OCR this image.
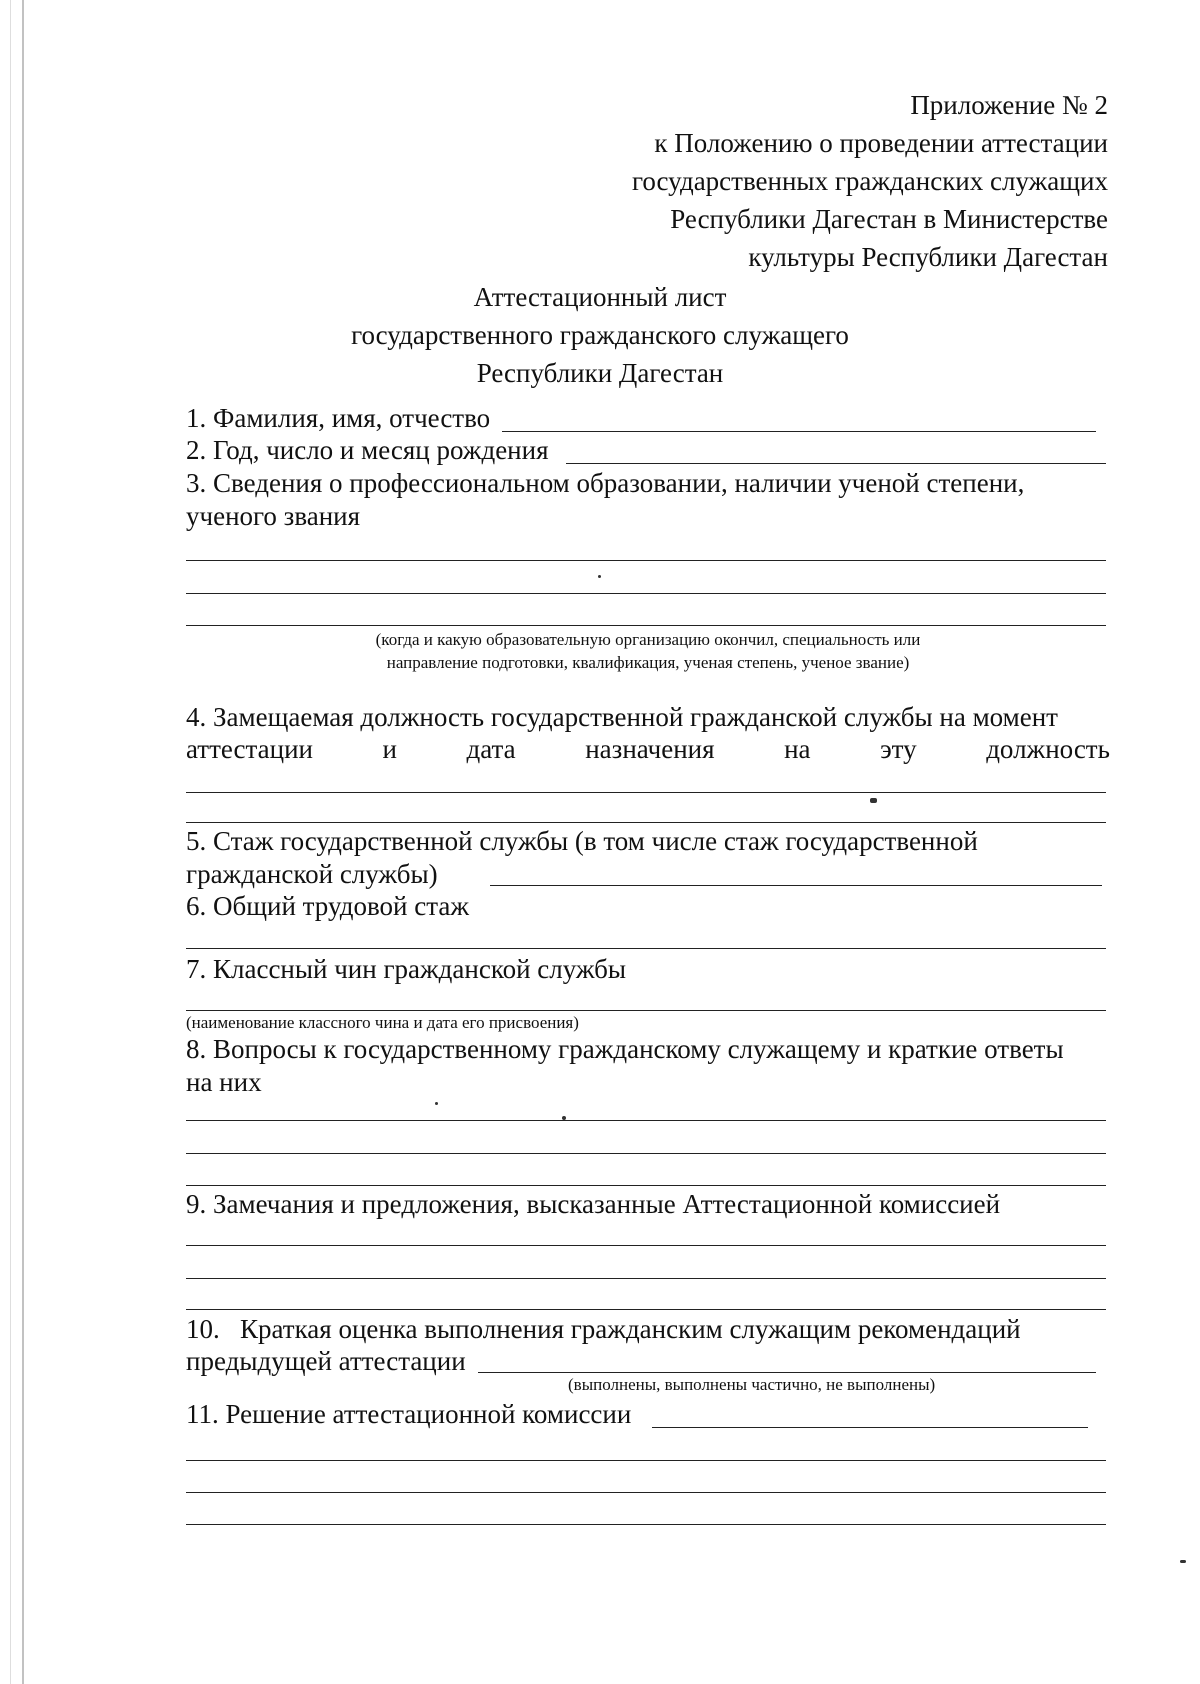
Приложение № 2
к Положению о проведении аттестации
государственных гражданских служащих
Республики Дагестан в Министерстве
культуры Республики Дагестан
Аттестационный лист
государственного гражданского служащего
Республики Дагестан
1. Фамилия, имя, отчество
2. Год, число и месяц рождения
3. Сведения о профессиональном образовании, наличии ученой степени,
ученого звания
(когда и какую образовательную организацию окончил, специальность или
направление подготовки, квалификация, ученая степень, ученое звание)
4. Замещаемая должность государственной гражданской службы на момент
аттестации	и	дата	назначения	на	эту	должность
5. Стаж государственной службы (в том числе стаж государственной
гражданской службы)
6. Общий трудовой стаж
7. Классный чин гражданской службы
(наименование классного чина и дата его присвоения)
8. Вопросы к государственному гражданскому служащему и краткие ответы
на них
9. Замечания и предложения, высказанные Аттестационной комиссией
10.   Краткая оценка выполнения гражданским служащим рекомендаций
предыдущей аттестации
(выполнены, выполнены частично, не выполнены)
11. Решение аттестационной комиссии
